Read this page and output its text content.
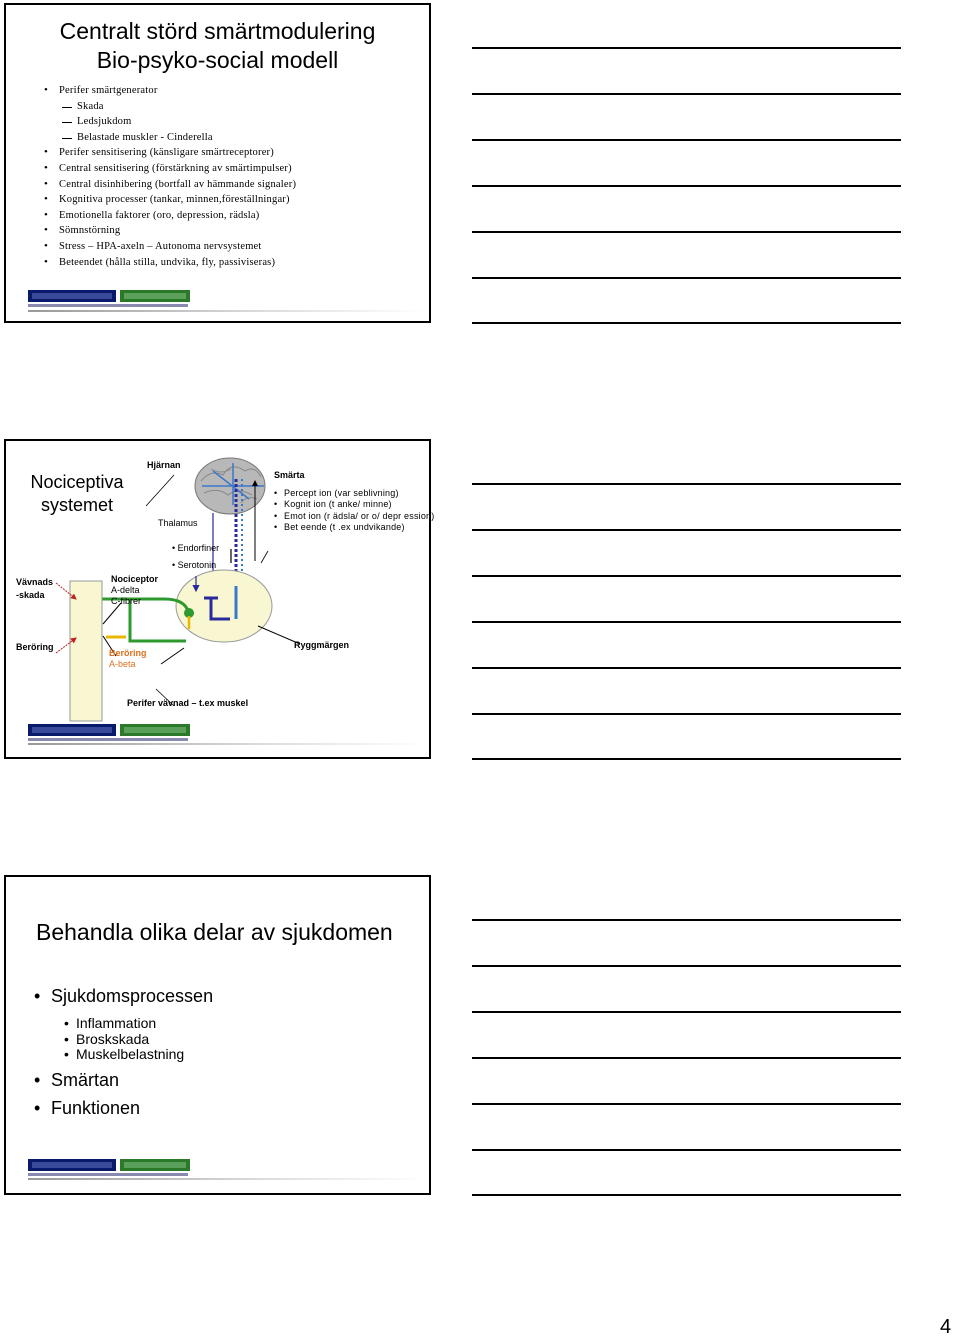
Centralt störd smärtmodulering
Bio-psyko-social modell
• Perifer smärtgenerator
Skada
Ledsjukdom
Belastade muskler - Cinderella
• Perifer sensitisering (känsligare smärtreceptorer)
• Central sensitisering (förstärkning av smärtimpulser)
• Central disinhibering (bortfall av hämmande signaler)
• Kognitiva processer (tankar, minnen,föreställningar)
• Emotionella faktorer (oro, depression, rädsla)
• Sömnstörning
• Stress – HPA-axeln – Autonoma nervsystemet
• Beteendet (hålla stilla, undvika, fly, passiviseras)
Nociceptiva
systemet
Hjärnan
Thalamus
• Endorfiner
• Serotonin
Smärta
• Percept ion (var seblivning)
• Kognit ion (t anke/ minne)
• Emot ion (r ädsla/ or o/ depr ession)
• Bet eende (t .ex undvikande)
Vävnads
-skada
Nociceptor
A-delta
C-fibrer
Beröring
Beröring
A-beta
Ryggmärgen
Perifer vävnad – t.ex muskel
Behandla olika delar av sjukdomen
• Sjukdomsprocessen
• Inflammation
• Broskskada
• Muskelbelastning
• Smärtan
• Funktionen
4
